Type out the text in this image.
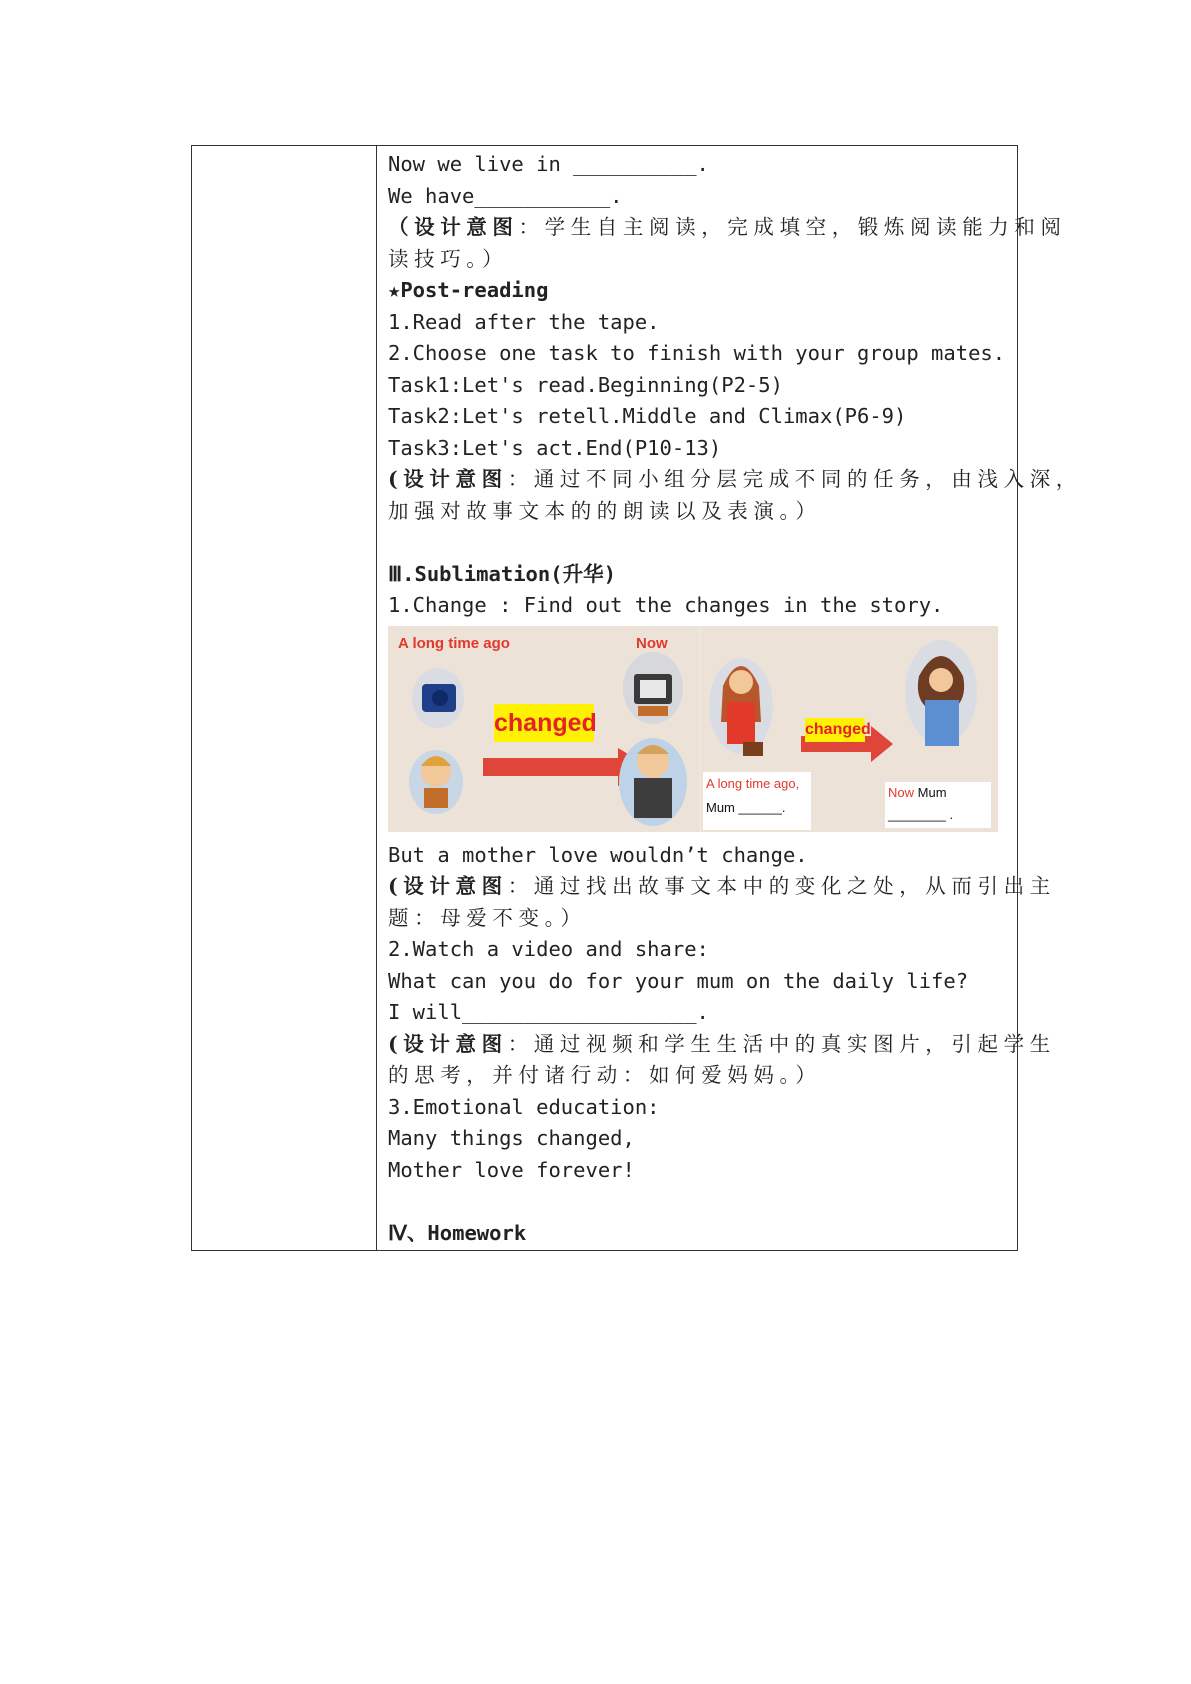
Now we live in __________.
We have___________.
（设计意图：学生自主阅读，完成填空，锻炼阅读能力和阅
读技巧。）
★Post-reading
1.Read after the tape.
2.Choose one task to finish with your group mates.
Task1:Let's read.Beginning(P2-5)
Task2:Let's retell.Middle and Climax(P6-9)
Task3:Let's act.End(P10-13)
(设计意图：通过不同小组分层完成不同的任务，由浅入深，
加强对故事文本的的朗读以及表演。）
Ⅲ.Sublimation(升华)
1.Change : Find out the changes in the story.
A long time ago	Now
changed	changed
A long time ago,
Mum ______.
Now Mum
________ .
But a mother love wouldn’t change.
(设计意图：通过找出故事文本中的变化之处，从而引出主
题：母爱不变。）
2.Watch a video and share:
What can you do for your mum on the daily life?
I will___________________.
(设计意图：通过视频和学生生活中的真实图片，引起学生
的思考，并付诸行动：如何爱妈妈。）
3.Emotional education:
Many things changed,
Mother love forever!
Ⅳ、Homework
